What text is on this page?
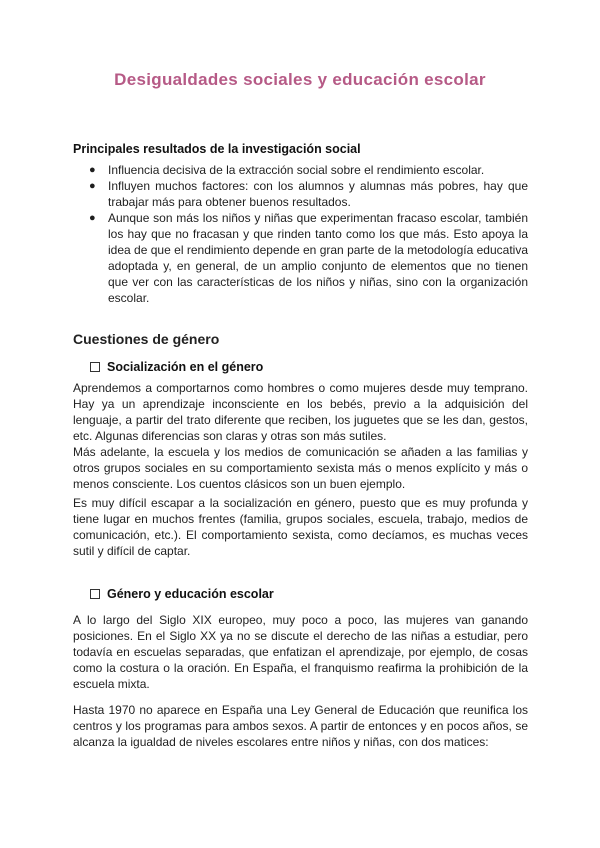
Desigualdades sociales y educación escolar
Principales resultados de la investigación social
● Influencia decisiva de la extracción social sobre el rendimiento escolar.
● Influyen muchos factores: con los alumnos y alumnas más pobres, hay que trabajar más para obtener buenos resultados.
● Aunque son más los niños y niñas que experimentan fracaso escolar, también los hay que no fracasan y que rinden tanto como los que más. Esto apoya la idea de que el rendimiento depende en gran parte de la metodología educativa adoptada y, en general, de un amplio conjunto de elementos que no tienen que ver con las características de los niños y niñas, sino con la organización escolar.
Cuestiones de género
Socialización en el género

Aprendemos a comportarnos como hombres o como mujeres desde muy temprano. Hay ya un aprendizaje inconsciente en los bebés, previo a la adquisición del lenguaje, a partir del trato diferente que reciben, los juguetes que se les dan, gestos, etc. Algunas diferencias son claras y otras son más sutiles.

Más adelante, la escuela y los medios de comunicación se añaden a las familias y otros grupos sociales en su comportamiento sexista más o menos explícito y más o menos consciente. Los cuentos clásicos son un buen ejemplo.

Es muy difícil escapar a la socialización en género, puesto que es muy profunda y tiene lugar en muchos frentes (familia, grupos sociales, escuela, trabajo, medios de comunicación, etc.). El comportamiento sexista, como decíamos, es muchas veces sutil y difícil de captar.

Género y educación escolar

A lo largo del Siglo XIX europeo, muy poco a poco, las mujeres van ganando posiciones. En el Siglo XX ya no se discute el derecho de las niñas a estudiar, pero todavía en escuelas separadas, que enfatizan el aprendizaje, por ejemplo, de cosas como la costura o la oración. En España, el franquismo reafirma la prohibición de la escuela mixta.

Hasta 1970 no aparece en España una Ley General de Educación que reunifica los centros y los programas para ambos sexos. A partir de entonces y en pocos años, se alcanza la igualdad de niveles escolares entre niños y niñas, con dos matices:
